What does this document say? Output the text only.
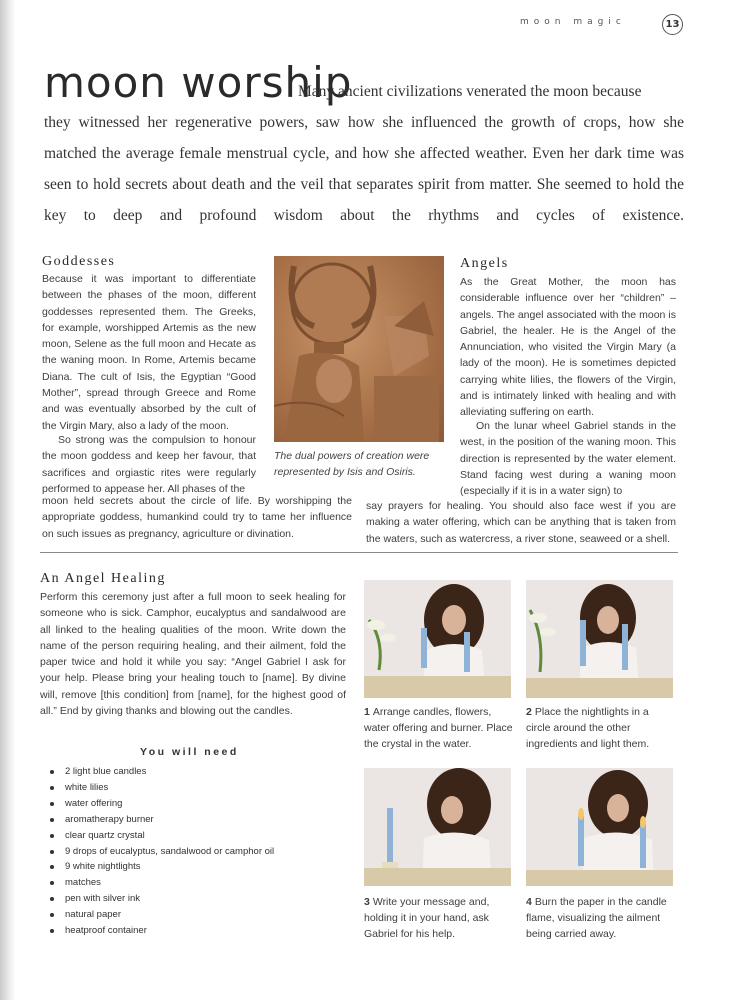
moon magic	13
moon worship

Many ancient civilizations venerated the moon because

they witnessed her regenerative powers, saw how she influenced the growth of crops, how she matched the average female menstrual cycle, and how she affected weather. Even her dark time was seen to hold secrets about death and the veil that separates spirit from matter. She seemed to hold the key to deep and profound wisdom about the rhythms and cycles of existence.

Goddesses

Because it was important to differentiate between the phases of the moon, different goddesses represented them. The Greeks, for example, worshipped Artemis as the new moon, Selene as the full moon and Hecate as the waning moon. In Rome, Artemis became Diana. The cult of Isis, the Egyptian “Good Mother”, spread through Greece and Rome and was eventually absorbed by the cult of the Virgin Mary, also a lady of the moon.

So strong was the compulsion to honour the moon goddess and keep her favour, that sacrifices and orgiastic rites were regularly performed to appease her. All phases of the

moon held secrets about the circle of life. By worshipping the appropriate goddess, humankind could try to tame her influence on such issues as pregnancy, agriculture or divination.

The dual powers of creation were represented by Isis and Osiris.

Angels

As the Great Mother, the moon has considerable influence over her “children” – angels. The angel associated with the moon is Gabriel, the healer. He is the Angel of the Annunciation, who visited the Virgin Mary (a lady of the moon). He is sometimes depicted carrying white lilies, the flowers of the Virgin, and is intimately linked with healing and with alleviating suffering on earth.

On the lunar wheel Gabriel stands in the west, in the position of the waning moon. This direction is represented by the water element. Stand facing west during a waning moon (especially if it is in a water sign) to

say prayers for healing. You should also face west if you are making a water offering, which can be anything that is taken from the waters, such as watercress, a river stone, seaweed or a shell.

An Angel Healing

Perform this ceremony just after a full moon to seek healing for someone who is sick. Camphor, eucalyptus and sandalwood are all linked to the healing qualities of the moon. Write down the name of the person requiring healing, and their ailment, fold the paper twice and hold it while you say: “Angel Gabriel I ask for your help. Please bring your healing touch to [name]. By divine will, remove [this condition] from [name], for the highest good of all.” End by giving thanks and blowing out the candles.

You will need
2 light blue candles
white lilies
water offering
aromatherapy burner
clear quartz crystal
9 drops of eucalyptus, sandalwood or camphor oil
9 white nightlights
matches
pen with silver ink
natural paper
heatproof container

1 Arrange candles, flowers, water offering and burner. Place the crystal in the water.

2 Place the nightlights in a circle around the other ingredients and light them.

3 Write your message and, holding it in your hand, ask Gabriel for his help.

4 Burn the paper in the candle flame, visualizing the ailment being carried away.
